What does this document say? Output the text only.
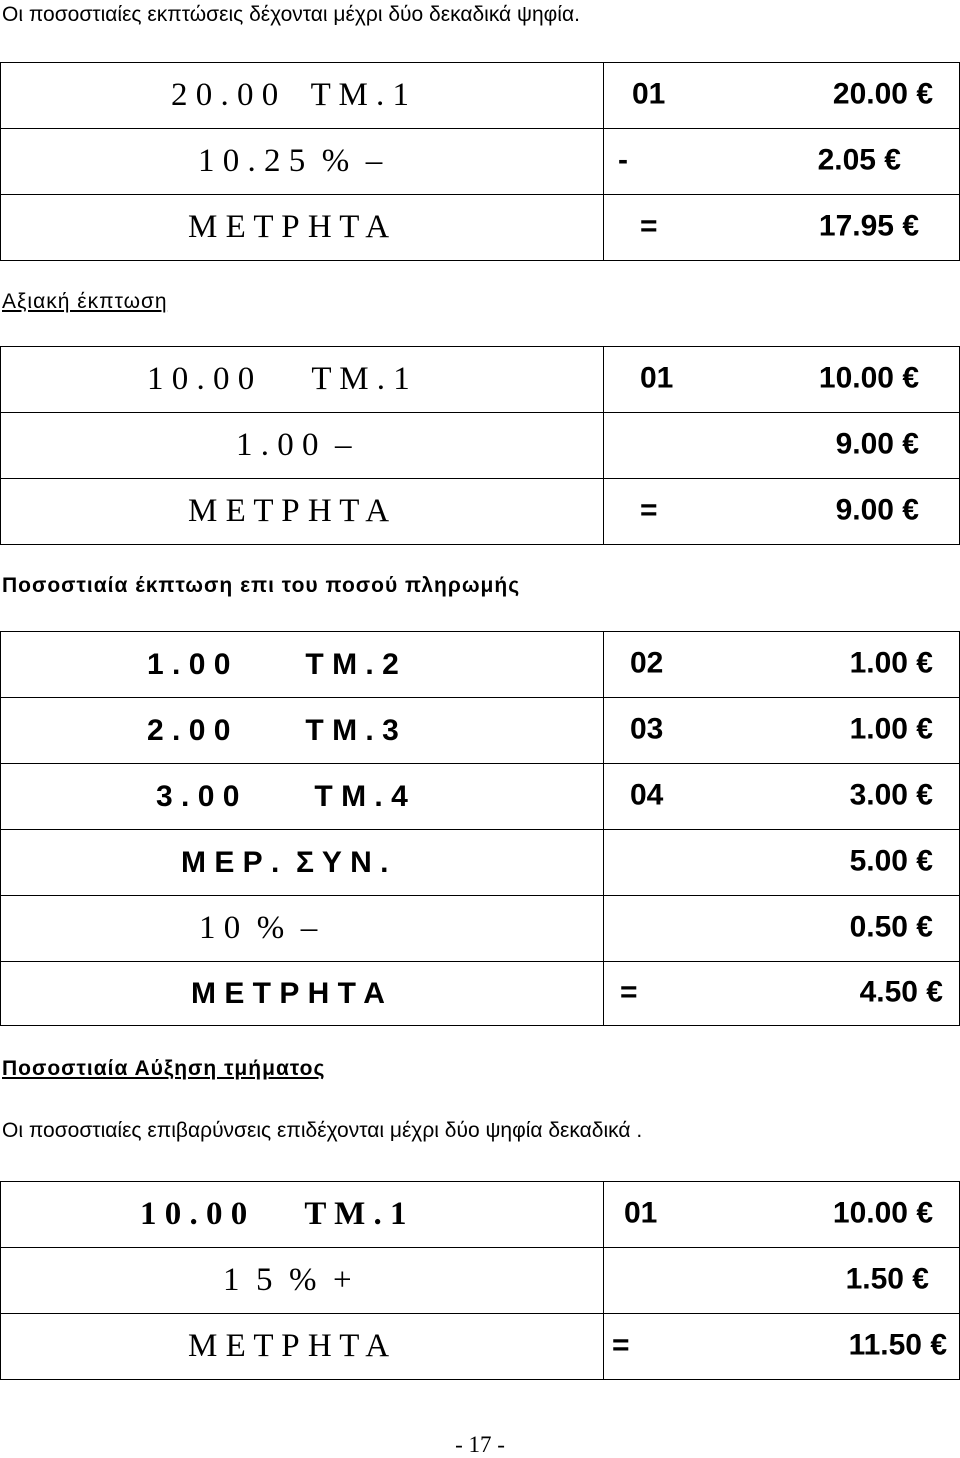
Οι ποσοστιαίες εκπτώσεις δέχονται μέχρι δύο δεκαδικά ψηφία.

2 0 . 0 0    Τ Μ . 1	01 20.00 €

1 0 . 2 5  %  –	- 2.05 €

Μ Ε Τ Ρ Η Τ Α	= 17.95 €

Αξιακή έκπτωση

1 0 . 0 0       Τ Μ . 1	01 10.00 €

1 . 0 0  –	9.00 €

Μ Ε Τ Ρ Η Τ Α	= 9.00 €

Ποσοστιαία έκπτωση επι του ποσού πληρωμής

1 . 0 0         Τ Μ . 2	02 1.00 €

2 . 0 0         Τ Μ . 3	03 1.00 €

3 . 0 0         Τ Μ . 4	04 3.00 €

Μ Ε Ρ .  Σ Υ Ν .	5.00 €

1 0  %  –	0.50 €

Μ Ε Τ Ρ Η Τ Α	= 4.50 €

Ποσοστιαία Αύξηση τμήματος

Οι ποσοστιαίες επιβαρύνσεις επιδέχονται μέχρι δύο ψηφία δεκαδικά .

1 0 . 0 0       Τ Μ . 1	01 10.00 €

1  5  %  +	1.50 €

Μ Ε Τ Ρ Η Τ Α	= 11.50 €
- 17 -
